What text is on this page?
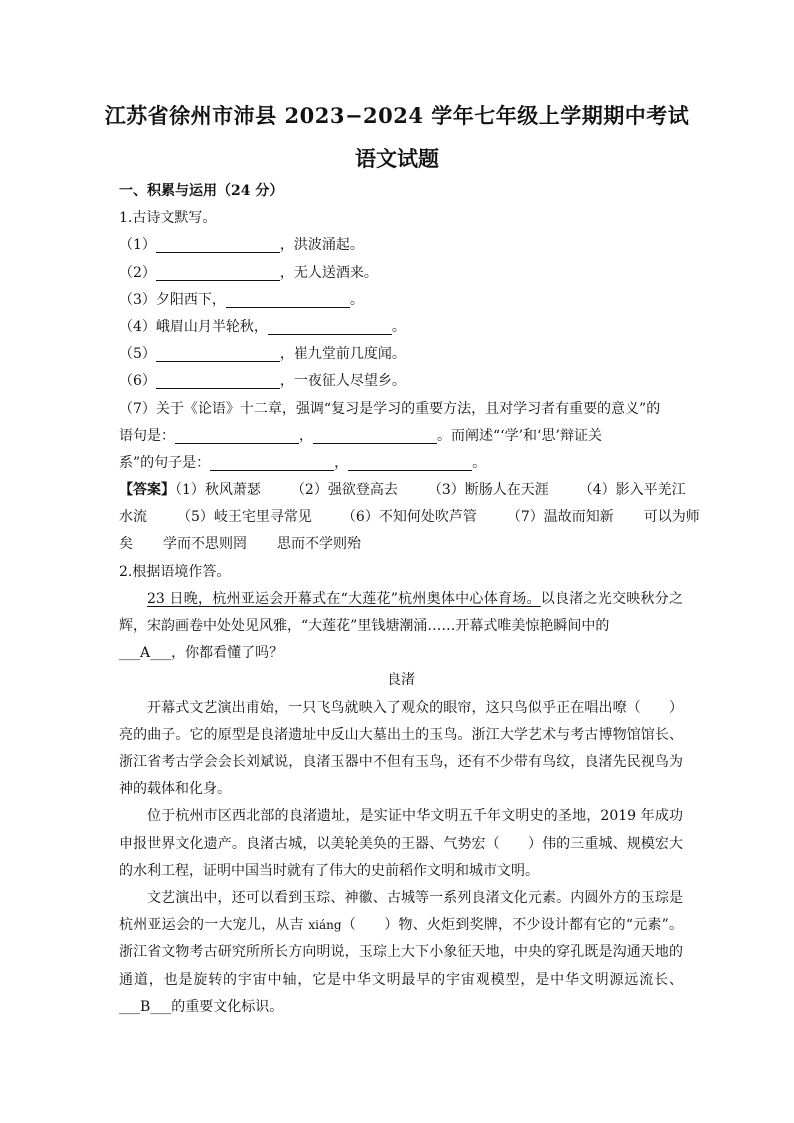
江苏省徐州市沛县 2023−2024 学年七年级上学期期中考试
语文试题
一、积累与运用（24 分）
1.古诗文默写。
（1）	，洪波涌起。
（2）	，无人送酒来。
（3）夕阳西下，	。
（4）峨眉山月半轮秋，	。
（5）	，崔九堂前几度闻。
（6）	，一夜征人尽望乡。
（7）关于《论语》十二章，强调“复习是学习的重要方法，且对学习者有重要的意义”的
语句是：	，	。而阐述“‘学’和‘思’辩证关
系”的句子是：	，	。
【答案】（1）秋风萧瑟 （2）强欲登高去 （3）断肠人在天涯 （4）影入平羌江
水流 （5）岐王宅里寻常见 （6）不知何处吹芦管 （7）温故而知新 可以为师
矣 学而不思则罔 思而不学则殆
2.根据语境作答。
23 日晚，杭州亚运会开幕式在“大莲花”杭州奥体中心体育场。以良渚之光交映秋分之辉，宋韵画卷中处处见风雅，“大莲花”里钱塘潮涌……开幕式唯美惊艳瞬间中的
___A___，你都看懂了吗？
良渚
开幕式文艺演出甫始，一只飞鸟就映入了观众的眼帘，这只鸟似乎正在唱出嘹（　　）亮的曲子。它的原型是良渚遗址中反山大墓出土的玉鸟。浙江大学艺术与考古博物馆馆长、浙江省考古学会会长刘斌说，良渚玉器中不但有玉鸟，还有不少带有鸟纹，良渚先民视鸟为神的载体和化身。
位于杭州市区西北部的良渚遗址，是实证中华文明五千年文明史的圣地，2019 年成功申报世界文化遗产。良渚古城，以美轮美奂的王器、气势宏（　　）伟的三重城、规模宏大的水利工程，证明中国当时就有了伟大的史前稻作文明和城市文明。
文艺演出中，还可以看到玉琮、神徽、古城等一系列良渚文化元素。内圆外方的玉琮是杭州亚运会的一大宠儿，从吉 xiáng（　　）物、火炬到奖牌，不少设计都有它的“元素”。浙江省文物考古研究所所长方向明说，玉琮上大下小象征天地，中央的穿孔既是沟通天地的通道，也是旋转的宇宙中轴，它是中华文明最早的宇宙观模型，是中华文明源远流长、___B___的重要文化标识。
